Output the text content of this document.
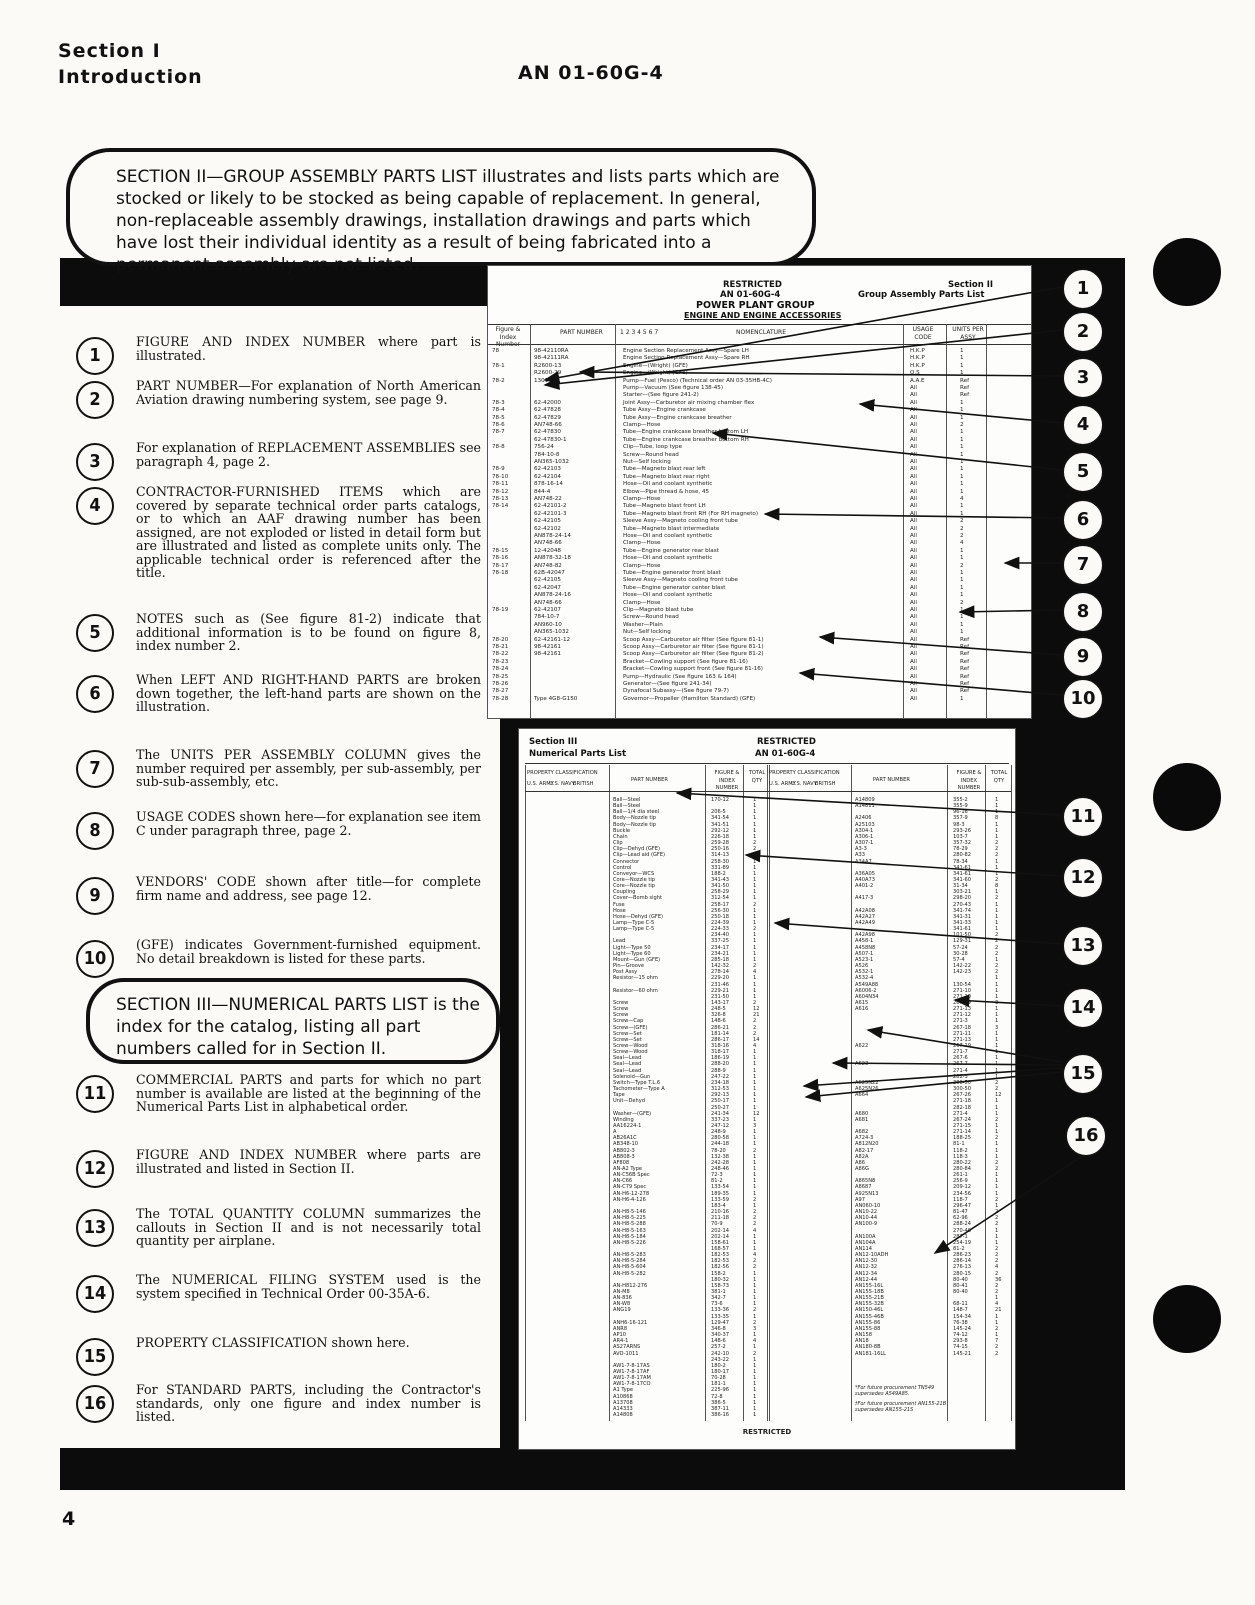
Section I
Introduction	AN 01-60G-4
SECTION II—GROUP ASSEMBLY PARTS LIST illustrates and lists parts which are stocked or likely to be stocked as being capable of replacement. In general, non-replaceable assembly drawings, installation drawings and parts which have lost their individual identity as a result of being fabricated into a permanent assembly are not listed.
SECTION III—NUMERICAL PARTS LIST is the index for the catalog, listing all part numbers called for in Section II.
1
FIGURE AND INDEX NUMBER where part is illustrated.
2
PART NUMBER—For explanation of North American Aviation drawing numbering system, see page 9.
3
For explanation of REPLACEMENT ASSEMBLIES see paragraph 4, page 2.
4
CONTRACTOR-FURNISHED ITEMS which are covered by separate technical order parts catalogs, or to which an AAF drawing number has been assigned, are not exploded or listed in detail form but are illustrated and listed as complete units only. The applicable technical order is referenced after the title.
5
NOTES such as (See figure 81-2) indicate that additional information is to be found on figure 8, index number 2.
6
When LEFT AND RIGHT-HAND PARTS are broken down together, the left-hand parts are shown on the illustration.
7
The UNITS PER ASSEMBLY COLUMN gives the number required per assembly, per sub-assembly, per sub-sub-assembly, etc.
8
USAGE CODES shown here—for explanation see item C under paragraph three, page 2.
9
VENDORS' CODE shown after title—for complete firm name and address, see page 12.
10
(GFE) indicates Government-furnished equipment. No detail breakdown is listed for these parts.
11
COMMERCIAL PARTS and parts for which no part number is available are listed at the beginning of the Numerical Parts List in alphabetical order.
12
FIGURE AND INDEX NUMBER where parts are illustrated and listed in Section II.
13
The TOTAL QUANTITY COLUMN summarizes the callouts in Section II and is not necessarily total quantity per airplane.
14
The NUMERICAL FILING SYSTEM used is the system specified in Technical Order 00-35A-6.
15
PROPERTY CLASSIFICATION shown here.
16
For STANDARD PARTS, including the Contractor's standards, only one figure and index number is listed.
RESTRICTED	Section II
AN 01-60G-4	Group Assembly Parts List
POWER PLANT GROUP
ENGINE AND ENGINE ACCESSORIES
Figure & Index Number
PART NUMBER	1 2 3 4 5 6 7	NOMENCLATURE	USAGE CODE
UNITS PER ASSY
78	98-42110RA	Engine Section Replacement Assy—Spare LH	H.K.P	1
98-42111RA	Engine Section Replacement Assy—Spare RH	H.K.P	1
78-1	R2600-13	Engine—(Wright) (GFE)	H.K.P	1
R2600-29	Engine—(Wright) (GFE)	Q.S	1
78-2	1301-F	Pump—Fuel (Pesco) (Technical order AN 03-35HB-4C)	A.A.E	Ref
Pump—Vacuum (See figure 138-45)	All	Ref
Starter—(See figure 241-2)	All	Ref
78-3	62-42000	Joint Assy—Carburetor air mixing chamber flex	All	1
78-4	62-47828	Tube Assy—Engine crankcase	All	1
78-5	62-47829	Tube Assy—Engine crankcase breather	All	1
78-6	AN748-66	Clamp—Hose	All	2
78-7	62-47830	Tube—Engine crankcase breather bottom LH	All	1
62-47830-1	Tube—Engine crankcase breather bottom RH	All	1
78-8	756-24	Clip—Tube, loop type	All	1
784-10-8	Screw—Round head	All	1
AN365-1032	Nut—Self locking	All	1
78-9	62-42103	Tube—Magneto blast rear left	All	1
78-10	62-42104	Tube—Magneto blast rear right	All	1
78-11	878-16-14	Hose—Oil and coolant synthetic	All	1
78-12	844-4	Elbow—Pipe thread & hose, 45	All	1
78-13	AN748-22	Clamp—Hose	All	4
78-14	62-42101-2	Tube—Magneto blast front LH	All	1
62-42101-3	Tube—Magneto blast front RH (For RH magneto)	All	1
62-42105	Sleeve Assy—Magneto cooling front tube	All	2
62-42102	Tube—Magneto blast intermediate	All	2
AN878-24-14	Hose—Oil and coolant synthetic	All	2
AN748-66	Clamp—Hose	All	4
78-15	12-42048	Tube—Engine generator rear blast	All	1
78-16	AN878-32-18	Hose—Oil and coolant synthetic	All	1
78-17	AN748-82	Clamp—Hose	All	2
78-18	62B-42047	Tube—Engine generator front blast	All	1
62-42105	Sleeve Assy—Magneto cooling front tube	All	1
62-42047	Tube—Engine generator center blast	All	1
AN878-24-16	Hose—Oil and coolant synthetic	All	1
AN748-66	Clamp—Hose	All	2
78-19	62-42107	Clip—Magneto blast tube	All	1
784-10-7	Screw—Round head	All	1
AN960-10	Washer—Plain	All	1
AN365-1032	Nut—Self locking	All	1
78-20	62-42161-12	Scoop Assy—Carburetor air filter (See figure 81-1)	All	Ref
78-21	98-42161	Scoop Assy—Carburetor air filter (See figure 81-1)	All	Ref
78-22	98-42161	Scoop Assy—Carburetor air filter (See figure 81-2)	All	Ref
78-23	Bracket—Cowling support (See figure 81-16)	All	Ref
78-24	Bracket—Cowling support front (See figure 81-16)	All	Ref
78-25	Pump—Hydraulic (See figure 163 & 164)	All	Ref
78-26	Generator—(See figure 241-34)	All	Ref
78-27	Dynafocal Subassy—(See figure 79-7)	All	Ref
78-28	Type 4G8-G150	Governor—Propeller (Hamilton Standard) (GFE)	All	1
Section III
Numerical Parts List
RESTRICTED
AN 01-60G-4
RESTRICTED
PROPERTY CLASSIFICATION
U.S. ARMY
U.S. NAVY
BRITISH
PART NUMBER
FIGURE & INDEX NUMBER
TOTAL QTY
Ball—Steel	170-12	1
Ball—Steel	1
Ball—1/4 dia steel	206-5	1
Body—Nozzle tip	341-54	1
Body—Nozzle tip	341-51	1
Buckle	292-12	1
Chain	226-18	1
Clip	259-28	2
Clip—Dehyd (GFE)	250-16	2
Clip—Lead aid (GFE)	314-13	1
Connector	258-30	1
Control	331-89	1
Conveyor—WCS	188-2	1
Core—Nozzle tip	341-43	1
Core—Nozzle tip	341-50	1
Coupling	258-29	1
Cover—Bomb sight	312-54	1
Fuse	258-17	2
Hose	256-30	1
Hose—Dehyd (GFE)	250-18	1
Lamp—Type C-5	224-39	1
Lamp—Type C-5	224-33	2
234-40	1
Lead	337-25	1
Light—Type 50	234-17	1
Light—Type 60	234-21	1
Mount—Gun (GFE)	285-18	1
Pin—Groove	142-32	2
Post Assy	278-14	4
Resistor—15 ohm	229-20	1
231-46	1
Resistor—60 ohm	229-21	1
231-50	1
Screw	143-17	2
Screw	248-5	12
Screw	326-8	21
Screw—Cap	148-6	2
Screw—(GFE)	286-21	2
Screw—Set	181-14	2
Screw—Set	286-17	14
Screw—Wood	318-16	4
Screw—Wood	318-17	1
Seal—Lead	186-19	1
Seal—Lead	288-20	1
Seal—Lead	288-9	1
Solenoid—Gun	247-22	1
Switch—Type T.L.6	234-18	1
Tachometer—Type A	312-53	1
Tape	292-13	1
Unit—Dehyd	250-17	1
250-27	1
Washer—(GFE)	241-34	12
Winding	337-23	1
AA16224-1	247-12	3
A	248-9	1
AB26A1C	280-58	1
AB348-10	244-18	1
AB802-3	78-20	2
AB808-3	132-38	1
AF808	242-28	1
AN-A2 Type	248-46	1
AN-C56B Spec	72-3	1
AN-C66	81-2	1
AN-C79 Spec	133-54	1
AN-H6-12-278	189-35	1
AN-H6-4-126	133-59	2
183-4	1
AN-H8-5-146	210-16	2
AN-H8-5-225	211-18	2
AN-H8-5-288	70-9	2
AN-H8-5-163	202-14	4
AN-H8-5-184	202-14	1
AN-H8-5-226	158-61	1
168-57	1
AN-H8-5-283	182-53	4
AN-H8-5-284	182-53	2
AN-H8-5-604	182-56	2
AN-H8-5-282	158-2	1
180-32	1
AN-H812-276	158-73	1
AN-M8	381-1	1
AN-836	342-7	1
AN-W8	73-6	1
ANG19	133-36	2
133-35	1
ANH6-16-121	129-47	2
ANR8	346-8	3
AP10	340-37	1
AR4-1	148-6	4
AS27ARNS	257-2	1
AVO-1011	242-10	2
243-22	1
AW1-7-8-17AS	180-2	1
AW1-7-8-17AF	180-17	1
AW1-7-8-17AM	70-28	1
AW1-7-8-17CO	181-1	1
A1 Type	225-96	1
A10868	72-8	1
A13708	386-5	1
A14333	387-11	1
A14808	386-16	1
PROPERTY CLASSIFICATION
U.S. ARMY
U.S. NAVY
BRITISH
PART NUMBER
FIGURE & INDEX NUMBER
TOTAL QTY
A14809	355-2	1
A14811	355-9	1
96-16	1
A2406	357-9	8
A25103	98-3	1
A304-1	293-26	1
A306-1	103-7	1
A307-1	357-32	2
A3-3	78-29	2
A33	280-82	2
A34A7	78-34	1
341-61	1
A36A05	341-61	1
A40A73	341-60	2
A401-2	31-34	8
303-21	1
A417-3	298-20	2
270-43	1
A42A08	341-74	1
A42A27	341-31	1
A42A49	341-33	1
341-61	1
A42A98	101-50	2
A458-1	129-31	2
A458N8	57-24	2
A507-1	30-28	2
A523-1	57-4	1
A526	142-22	2
A532-1	142-23	2
A532-4	1
A549A88	130-54	1
A6006-2	271-10	1
A604N34	271-10	1
A615	267-19	3
A616	271-13	1
271-12	1
271-3	1
267-18	3
271-11	1
271-13	1
A622	267-19	1
271-7	1
267-6	1
A623	267-7	1
271-4	1
282-3	1
A625N22	300-50	2
A625N26	300-50	2
A664	267-26	12
271-18	1
282-18	1
A680	271-4	1
A681	267-24	2
271-15	1
A682	271-14	1
A724-3	188-25	2
A812N20	81-1	1
A82-17	118-2	1
A82A	118-3	1
A86	280-22	2
A86G	280-84	2
261-1	1
A865N8	256-9	1
A8687	209-12	1
A925N13	234-56	1
A97	118-7	2
AN060-10	296-47	1
AN10-22	81-47	2
AN10-44	62-96	2
AN100-9	288-24	2
270-40	1
AN100A	287-1	1
AN104A	254-19	1
AN114	81-2	2
AN12-10ADH	286-23	2
AN12-30	286-14	2
AN12-32	276-13	4
AN12-34	280-15	2
AN12-44	80-40	36
AN155-16L	80-41	2
AN155-18B	80-40	2
AN155-21B	1
AN155-32B	68-11	4
AN150-46L	148-7	21
AN155-46B	154-34	1
AN155-86	76-38	1
AN155-88	145-24	2
AN158	74-12	1
AN18	293-8	7
AN180-8B	74-15	2
AN181-16LL	145-21	2
*For future procurement TN549 supersedes A549A85.
†For future procurement AN155-21B supersedes AN155-21S
1
2
3
4
5
6
7
8
9
10
11
12
13
14
15
16
4
